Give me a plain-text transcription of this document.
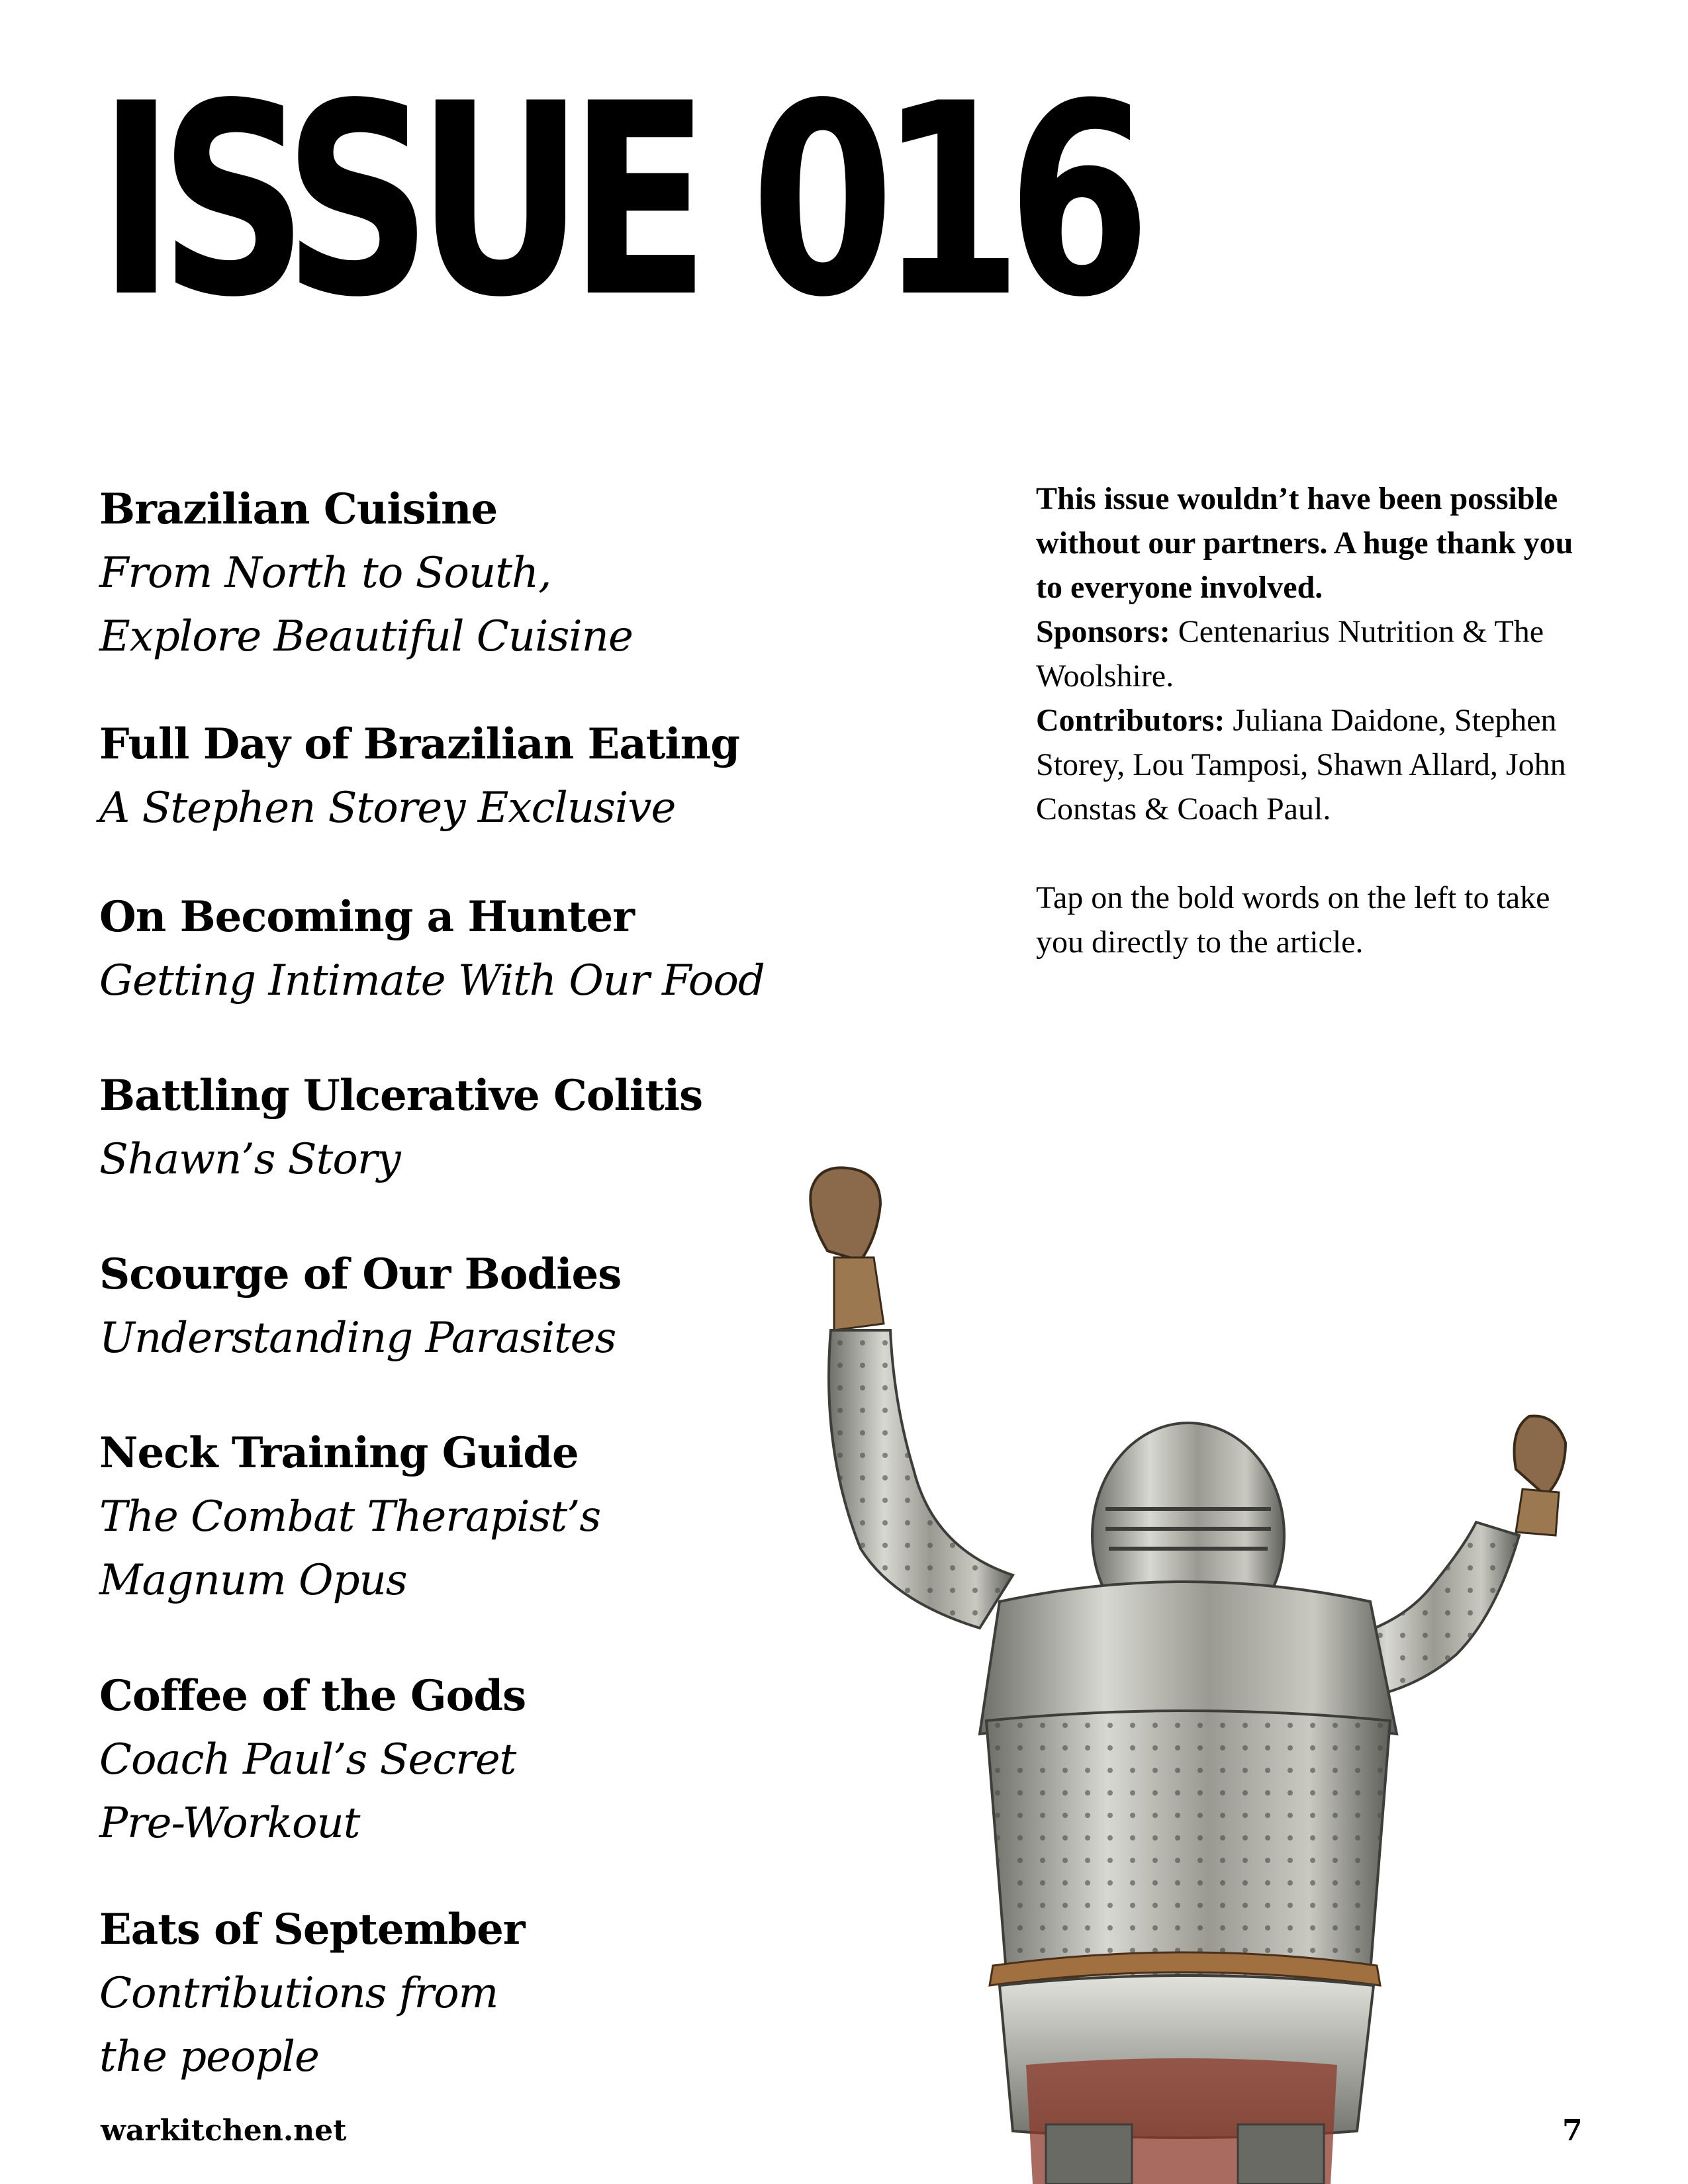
ISSUE 016
Brazilian Cuisine
From North to South,
Explore Beautiful Cuisine
Full Day of Brazilian Eating
A Stephen Storey Exclusive
On Becoming a Hunter
Getting Intimate With Our Food
Battling Ulcerative Colitis
Shawn’s Story
Scourge of Our Bodies
Understanding Parasites
Neck Training Guide
The Combat Therapist’s
Magnum Opus
Coffee of the Gods
Coach Paul’s Secret
Pre-Workout
Eats of September
Contributions from
the people

This issue wouldn’t have been possible without our partners. A huge thank you to everyone involved.

Sponsors: Centenarius Nutrition & The Woolshire.

Contributors: Juliana Daidone, Stephen Storey, Lou Tamposi, Shawn Allard, John Constas & Coach Paul.

Tap on the bold words on the left to take you directly to the article.

warkitchen.net	7
